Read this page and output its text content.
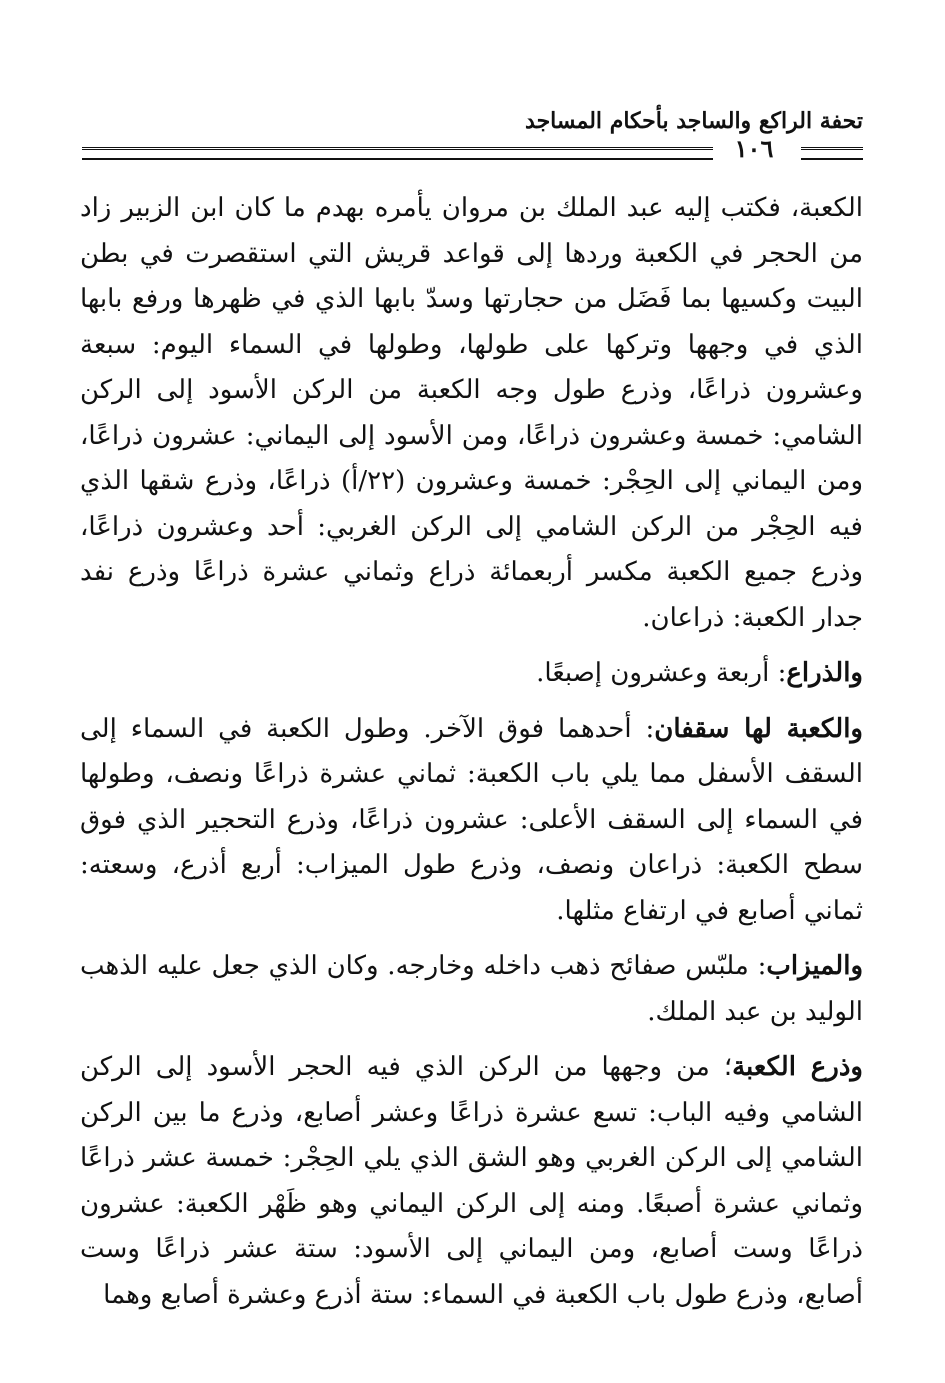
تحفة الراكع والساجد بأحكام المساجد
١٠٦

الكعبة، فكتب إليه عبد الملك بن مروان يأمره بهدم ما كان ابن الزبير زاد من الحجر في الكعبة وردها إلى قواعد قريش التي استقصرت في بطن البيت وكسيها بما فَضَل من حجارتها وسدّ بابها الذي في ظهرها ورفع بابها الذي في وجهها وتركها على طولها، وطولها في السماء اليوم: سبعة وعشرون ذراعًا، وذرع طول وجه الكعبة من الركن الأسود إلى الركن الشامي: خمسة وعشرون ذراعًا، ومن الأسود إلى اليماني: عشرون ذراعًا، ومن اليماني إلى الحِجْر: خمسة وعشرون (٢٢/أ) ذراعًا، وذرع شقها الذي فيه الحِجْر من الركن الشامي إلى الركن الغربي: أحد وعشرون ذراعًا، وذرع جميع الكعبة مكسر أربعمائة ذراع وثماني عشرة ذراعًا وذرع نفد جدار الكعبة: ذراعان.

والذراع: أربعة وعشرون إصبعًا.

والكعبة لها سقفان: أحدهما فوق الآخر. وطول الكعبة في السماء إلى السقف الأسفل مما يلي باب الكعبة: ثماني عشرة ذراعًا ونصف، وطولها في السماء إلى السقف الأعلى: عشرون ذراعًا، وذرع التحجير الذي فوق سطح الكعبة: ذراعان ونصف، وذرع طول الميزاب: أربع أذرع، وسعته: ثماني أصابع في ارتفاع مثلها.

والميزاب: ملبّس صفائح ذهب داخله وخارجه. وكان الذي جعل عليه الذهب الوليد بن عبد الملك.

وذرع الكعبة؛ من وجهها من الركن الذي فيه الحجر الأسود إلى الركن الشامي وفيه الباب: تسع عشرة ذراعًا وعشر أصابع، وذرع ما بين الركن الشامي إلى الركن الغربي وهو الشق الذي يلي الحِجْر: خمسة عشر ذراعًا وثماني عشرة أصبعًا. ومنه إلى الركن اليماني وهو ظَهْر الكعبة: عشرون ذراعًا وست أصابع، ومن اليماني إلى الأسود: ستة عشر ذراعًا وست أصابع، وذرع طول باب الكعبة في السماء: ستة أذرع وعشرة أصابع وهما
